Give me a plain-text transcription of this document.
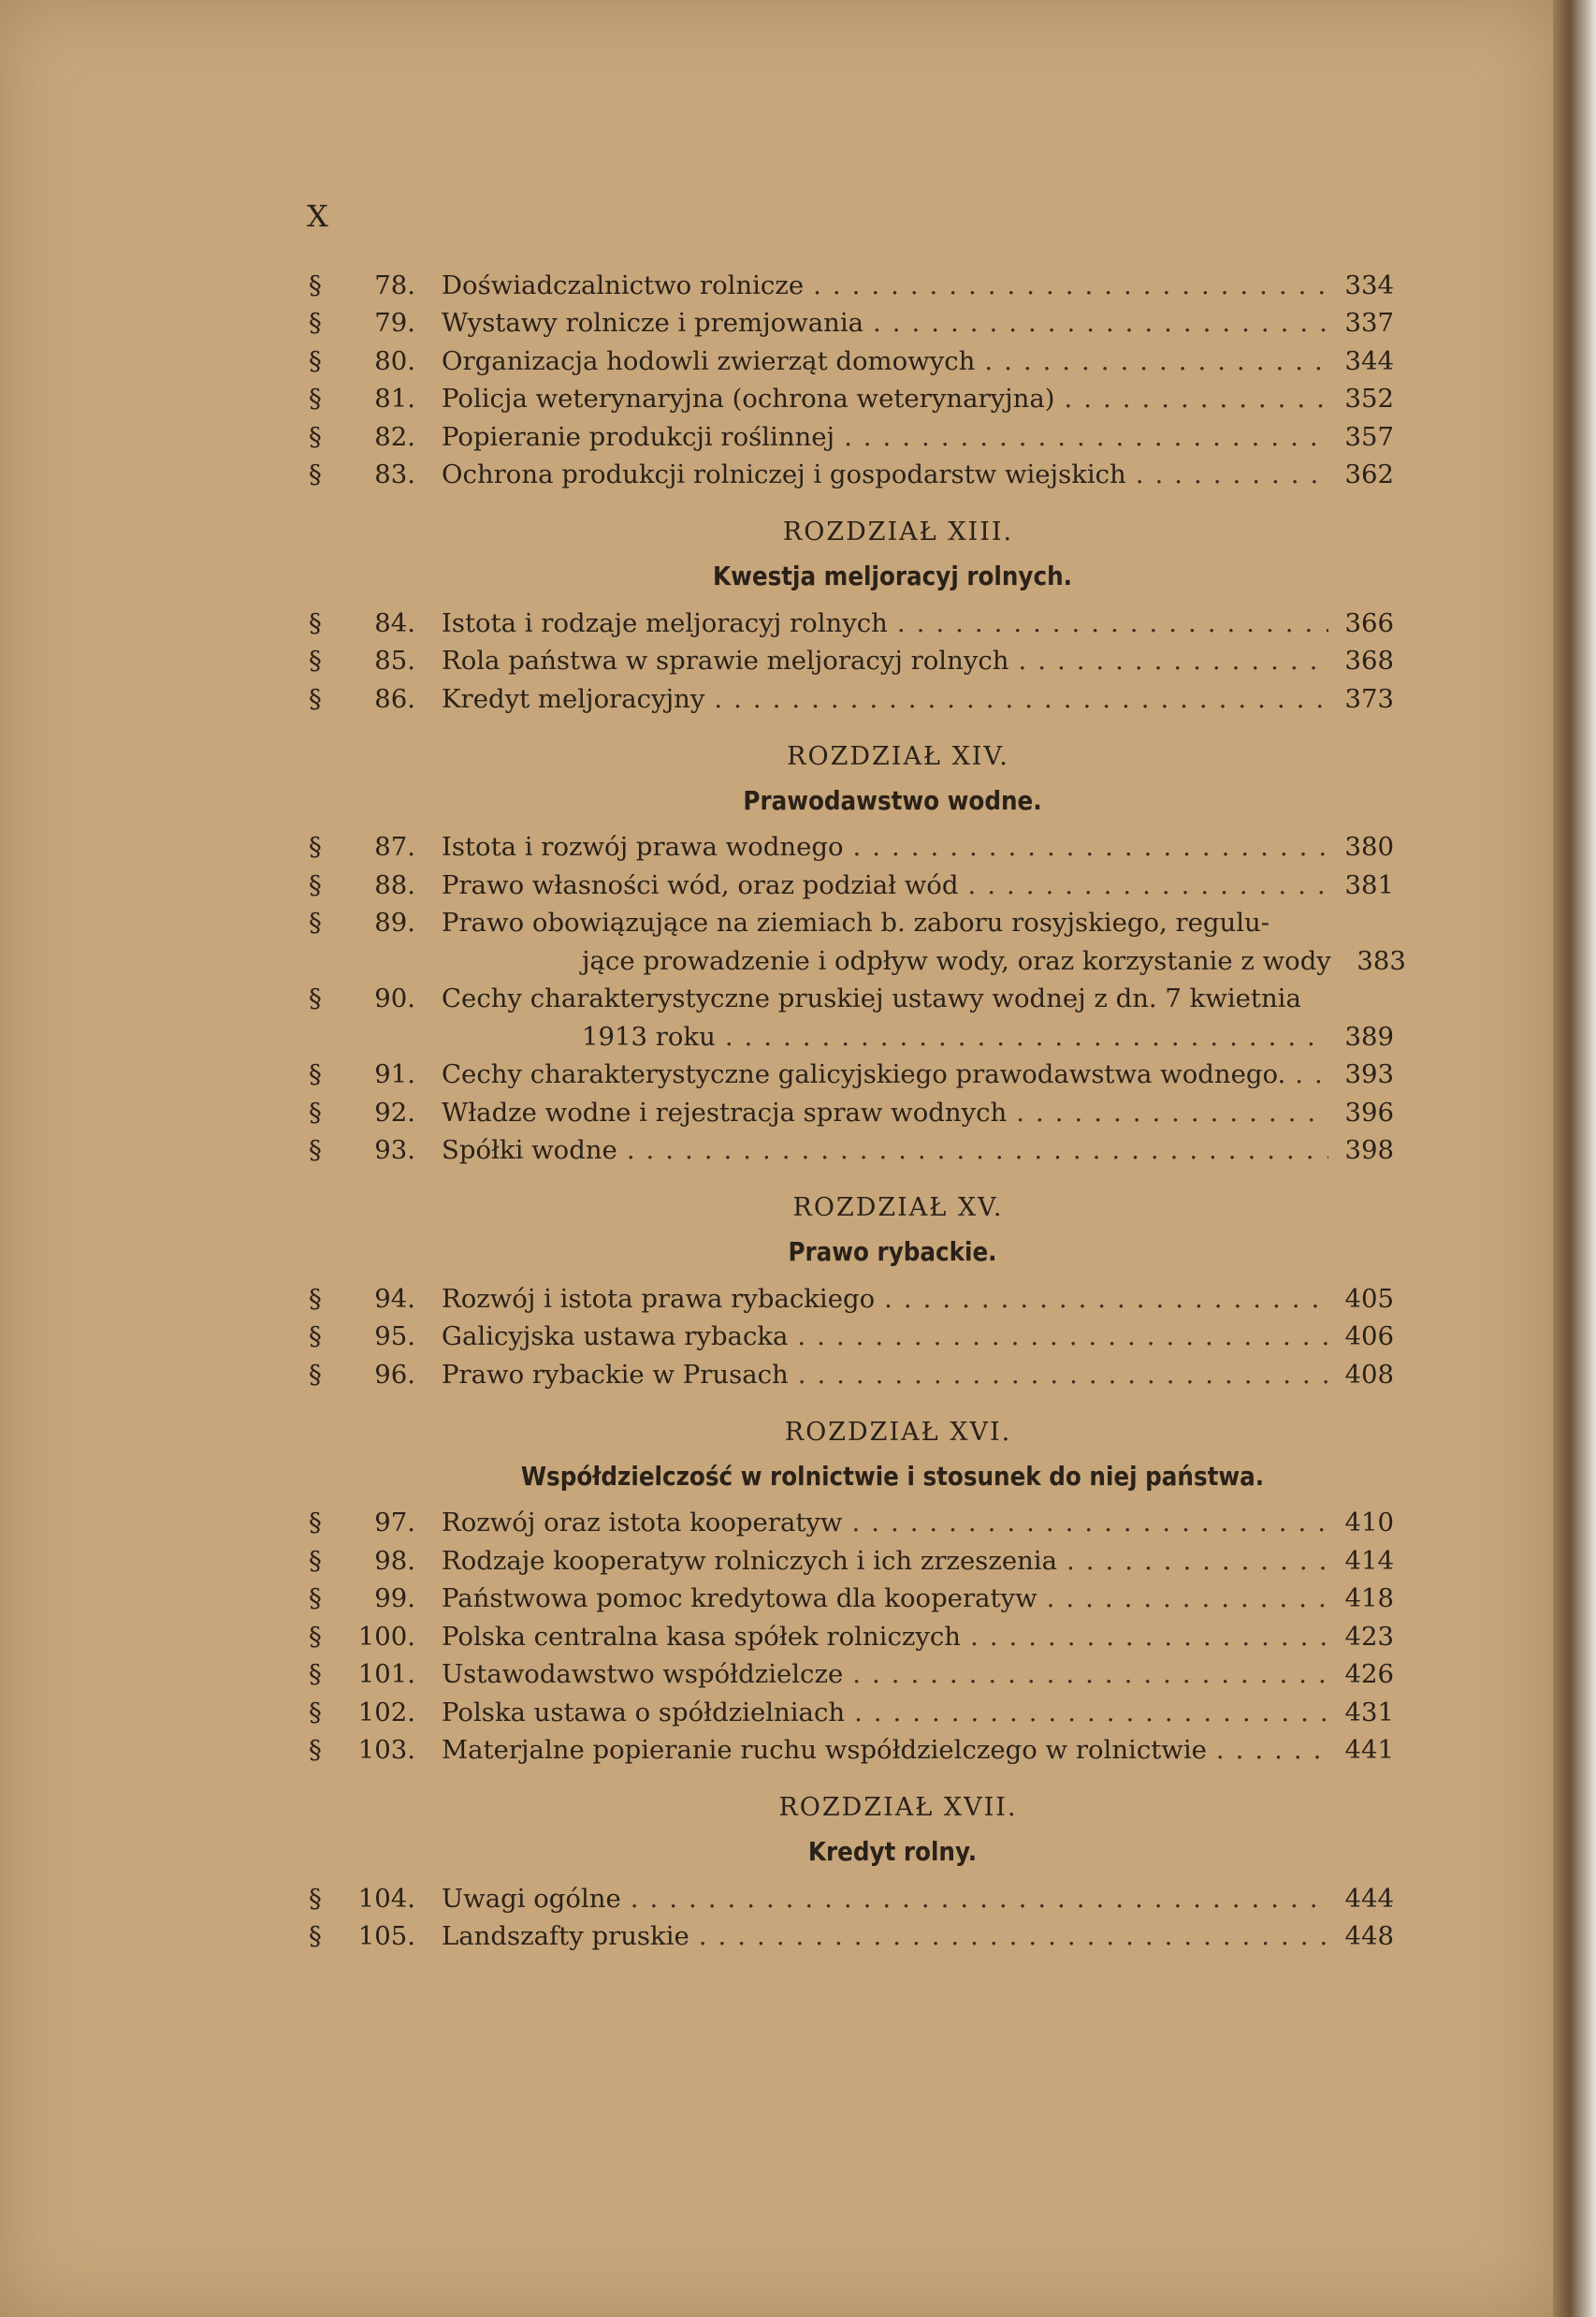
X
§	78.	Doświadczalnictwo rolnicze .....	334
§	79.	Wystawy rolnicze i premjowania .....	337
§	80.	Organizacja hodowli zwierząt domowych .....	344
§	81.	Policja weterynaryjna (ochrona weterynaryjna) .....	352
§	82.	Popieranie produkcji roślinnej .....	357
§	83.	Ochrona produkcji rolniczej i gospodarstw wiejskich .....	362
ROZDZIAŁ XIII.
Kwestja meljoracyj rolnych.
§	84.	Istota i rodzaje meljoracyj rolnych .....	366
§	85.	Rola państwa w sprawie meljoracyj rolnych .....	368
§	86.	Kredyt meljoracyjny .....	373
ROZDZIAŁ XIV.
Prawodawstwo wodne.
§	87.	Istota i rozwój prawa wodnego .....	380
§	88.	Prawo własności wód, oraz podział wód .....	381
§	89.	Prawo obowiązujące na ziemiach b. zaboru rosyjskiego, regulu-
jące prowadzenie i odpływ wody, oraz korzystanie z wody 383
§	90.	Cechy charakterystyczne pruskiej ustawy wodnej z dn. 7 kwietnia
1913 roku .....	389
§	91.	Cechy charakterystyczne galicyjskiego prawodawstwa wodnego. ..... 393
§	92.	Władze wodne i rejestracja spraw wodnych .....	396
§	93.	Spółki wodne .....	398
ROZDZIAŁ XV.
Prawo rybackie.
§	94.	Rozwój i istota prawa rybackiego .....	405
§	95.	Galicyjska ustawa rybacka .....	406
§	96.	Prawo rybackie w Prusach .....	408
ROZDZIAŁ XVI.
Współdzielczość w rolnictwie i stosunek do niej państwa.
§	97.	Rozwój oraz istota kooperatyw .....	410
§	98.	Rodzaje kooperatyw rolniczych i ich zrzeszenia .....	414
§	99.	Państwowa pomoc kredytowa dla kooperatyw .....	418
§	100.	Polska centralna kasa spółek rolniczych .....	423
§	101.	Ustawodawstwo współdzielcze .....	426
§	102.	Polska ustawa o spółdzielniach .....	431
§	103.	Materjalne popieranie ruchu współdzielczego w rolnictwie .....	441
ROZDZIAŁ XVII.
Kredyt rolny.
§	104.	Uwagi ogólne .....	444
§	105.	Landszafty pruskie .....	448
